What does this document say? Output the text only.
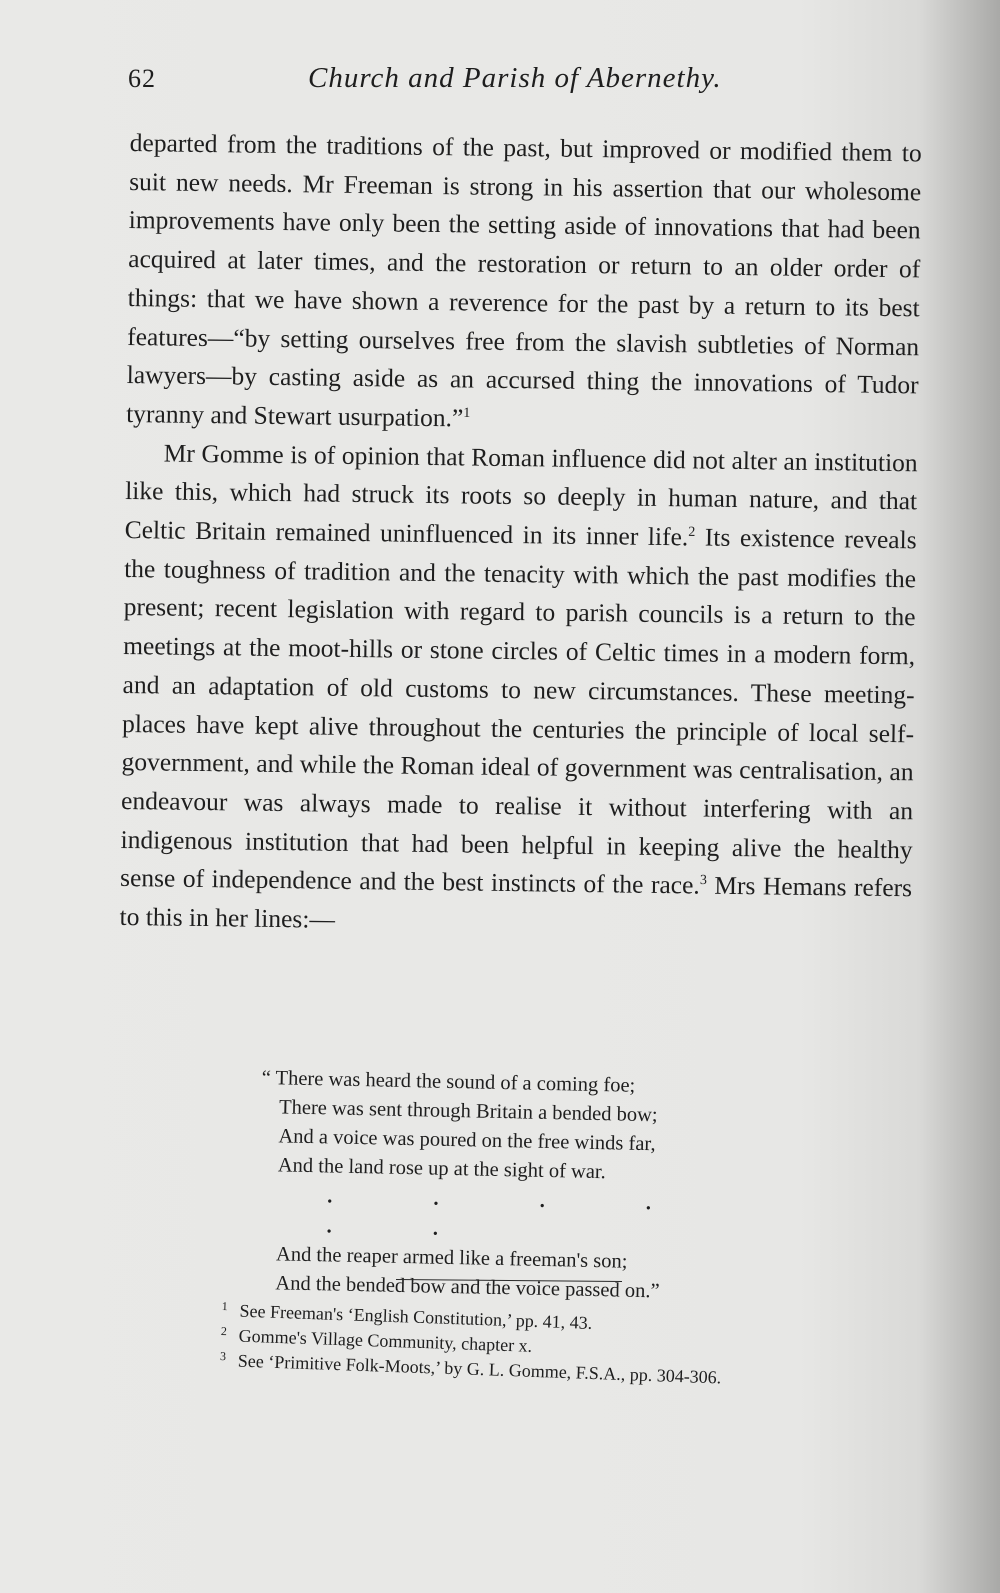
62	Church and Parish of Abernethy.

departed from the traditions of the past, but improved or modified them to suit new needs. Mr Freeman is strong in his assertion that our wholesome improvements have only been the setting aside of innovations that had been acquired at later times, and the restoration or return to an older order of things: that we have shown a reverence for the past by a return to its best features—“by setting ourselves free from the slavish subtleties of Norman lawyers—by casting aside as an accursed thing the innovations of Tudor tyranny and Stewart usurpation.”$^1$

Mr Gomme is of opinion that Roman influence did not alter an institution like this, which had struck its roots so deeply in human nature, and that Celtic Britain remained uninfluenced in its inner life.$^2$ Its existence reveals the toughness of tradition and the tenacity with which the past modifies the present; recent legislation with regard to parish councils is a return to the meetings at the moot-hills or stone circles of Celtic times in a modern form, and an adaptation of old customs to new circumstances. These meeting-places have kept alive throughout the centuries the principle of local self-government, and while the Roman ideal of government was centralisation, an endeavour was always made to realise it without interfering with an indigenous institution that had been helpful in keeping alive the healthy sense of independence and the best instincts of the race.$^3$ Mrs Hemans refers to this in her lines:—

“ There was heard the sound of a coming foe;
There was sent through Britain a bended bow;
And a voice was poured on the free winds far,
And the land rose up at the sight of war.
. . . . . .
And the reaper armed like a freeman's son;
And the bended bow and the voice passed on.”
1 See Freeman's ‘English Constitution,’ pp. 41, 43.
2 Gomme's Village Community, chapter x.
3 See ‘Primitive Folk-Moots,’ by G. L. Gomme, F.S.A., pp. 304-306.
